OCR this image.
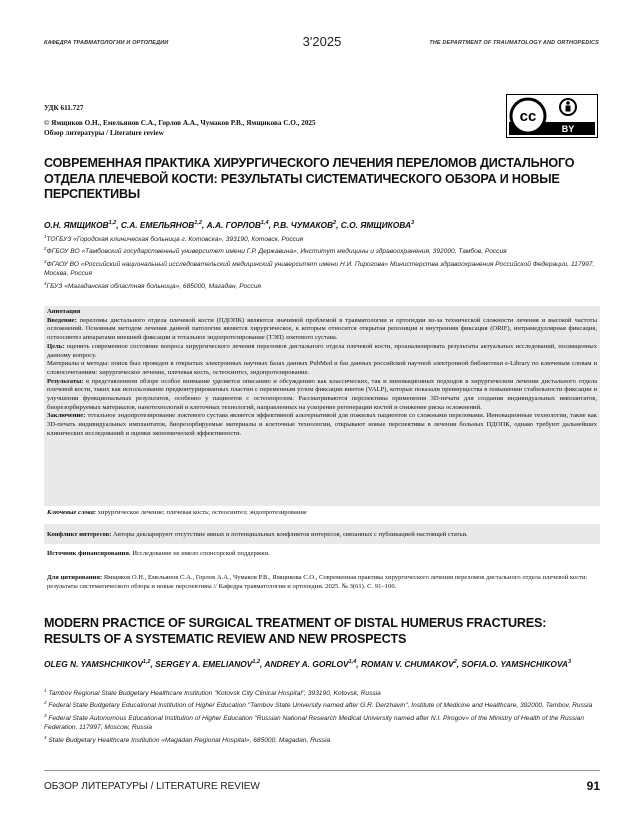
КАФЕДРА ТРАВМАТОЛОГИИ И ОРТОПЕДИИ	3'2025	THE DEPARTMENT OF TRAUMATOLOGY AND ORTHOPEDICS
УДК 611.727	cc
BY
© Ямщиков О.Н., Емельянов С.А., Горлов А.А., Чумаков Р.В., Ямщикова С.О., 2025
Обзор литературы / Literature review
СОВРЕМЕННАЯ ПРАКТИКА ХИРУРГИЧЕСКОГО ЛЕЧЕНИЯ ПЕРЕЛОМОВ ДИСТАЛЬНОГО ОТДЕЛА ПЛЕЧЕВОЙ КОСТИ: РЕЗУЛЬТАТЫ СИСТЕМАТИЧЕСКОГО ОБЗОРА И НОВЫЕ ПЕРСПЕКТИВЫ
О.Н. ЯМЩИКОВ$^{1,2}$, С.А. ЕМЕЛЬЯНОВ$^{1,2}$, А.А. ГОРЛОВ$^{1,4}$, Р.В. ЧУМАКОВ$^2$, С.О. ЯМЩИКОВА$^3$
$^1$ТОГБУЗ «Городская клиническая больница г. Котовска», 393190, Котовск, Россия
$^2$ФГБОУ ВО «Тамбовский государственный университет имени Г.Р. Державина», Институт медицины и здравоохранения, 392000, Тамбов, Россия
$^3$ФГАОУ ВО «Российский национальный исследовательский медицинский университет имени Н.И. Пирогова» Министерства здравоохранения Российской Федерации, 117997, Москва, Россия
$^4$ГБУЗ «Магаданская областная больница», 685000, Магадан, Россия

Аннотация

Введение: переломы дистального отдела плечевой кости (ПДОПК) являются значимой проблемой в травматологии и ортопедии из-за технической сложности лечения и высокой частоты осложнений. Основным методом лечения данной патологии является хирургическое, к которым относится открытая репозиция и внутренняя фиксация (ORIF), интрамедуллярная фиксация, остеосинтез аппаратами внешней фиксации и тотальное эндопротезирование (ТЭП) локтевого сустава.

Цель: оценить современное состояние вопроса хирургического лечения переломов дистального отдела плечевой кости, проанализировать результаты актуальных исследований, посвященных данному вопросу.

Материалы и методы: поиск был проведен в открытых электронных научных базах данных PubMed и баз данных российской научной электронной библиотеки e-Library по ключевым словам и словосочетаниям: хирургическое лечение, плечевая кость, остеосинтез, эндопротезирование.

Результаты: в представленном обзоре особое внимание уделяется описанию и обсуждению как классических, так и инновационных подходов в хирургическом лечении дистального отдела плечевой кости, таких как использование предконтурированных пластин с переменным углом фиксации винтов (VALP), которые показали преимущества в повышении стабильности фиксации и улучшении функциональных результатов, особенно у пациентов с остеопорозом. Рассматриваются перспективы применения 3D-печати для создания индивидуальных имплантатов, биорезорбируемых материалов, нанотехнологий и клеточных технологий, направленных на ускорение регенерации костей и снижение риска осложнений.

Заключение: тотальное эндопротезирование локтевого сустава является эффективной альтернативой для пожилых пациентов со сложными переломами. Инновационные технологии, такие как 3D-печать индивидуальных имплантатов, биорезорбируемые материалы и клеточные технологии, открывают новые перспективы в лечении больных ПДОПК, однако требуют дальнейших клинических исследований и оценки экономической эффективности.

Ключевые слова: хирургическое лечение; плечевая кость; остеосинтез; эндопротезирование
Конфликт интересов: Авторы декларируют отсутствие явных и потенциальных конфликтов интересов, связанных с публикацией настоящей статьи.
Источник финансирования. Исследование не имело спонсорской поддержки.
Для цитирования: Ямщиков О.Н., Емельянов С.А., Горлов А.А., Чумаков Р.В., Ямщикова С.О., Современная практика хирургического лечения переломов дистального отдела плечевой кости: результаты систематического обзора и новые перспективы // Кафедра травматологии и ортопедии. 2025. № 3(61). С. 91–100.
MODERN PRACTICE OF SURGICAL TREATMENT OF DISTAL HUMERUS FRACTURES: RESULTS OF A SYSTEMATIC REVIEW AND NEW PROSPECTS
OLEG N. YAMSHCHIKOV$^{1,2}$, SERGEY A. EMELIANOV$^{1,2}$, ANDREY A. GORLOV$^{1,4}$, ROMAN V. CHUMAKOV$^2$, SOFIA.O. YAMSHCHIKOVA$^3$
$^1$ Tambov Regional State Budgetary Healthcare Institution "Kotovsk City Clinical Hospital", 393190, Kotovsk, Russia
$^2$ Federal State Budgetary Educational Institution of Higher Education "Tambov State University named after G.R. Derzhavin", Institute of Medicine and Healthcare, 392000, Tambov, Russia
$^3$ Federal State Autonomous Educational Institution of Higher Education "Russian National Research Medical University named after N.I. Pirogov» of the Ministry of Health of the Russian Federation, 117997, Moscow, Russia
$^4$ State Budgetary Healthcare Institution «Magadan Regional Hospital», 685000, Magadan, Russia
ОБЗОР ЛИТЕРАТУРЫ / LITERATURE REVIEW	91
